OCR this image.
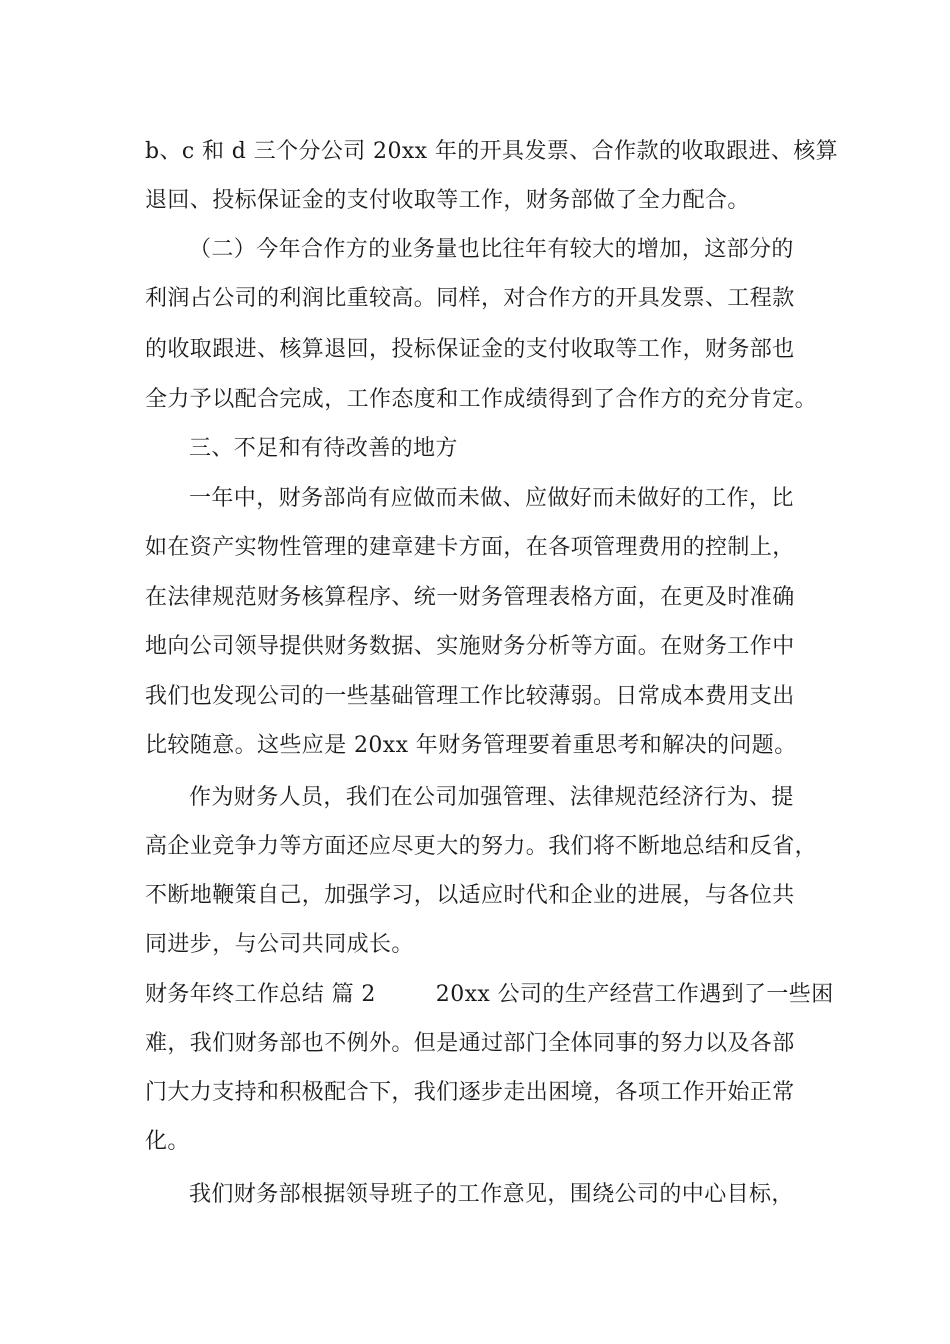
b、c 和 d 三个分公司 20xx 年的开具发票、合作款的收取跟进、核算
退回、投标保证金的支付收取等工作，财务部做了全力配合。
（二）今年合作方的业务量也比往年有较大的增加，这部分的
利润占公司的利润比重较高。同样，对合作方的开具发票、工程款
的收取跟进、核算退回，投标保证金的支付收取等工作，财务部也
全力予以配合完成，工作态度和工作成绩得到了合作方的充分肯定。
三、不足和有待改善的地方
一年中，财务部尚有应做而未做、应做好而未做好的工作，比
如在资产实物性管理的建章建卡方面，在各项管理费用的控制上，
在法律规范财务核算程序、统一财务管理表格方面，在更及时准确
地向公司领导提供财务数据、实施财务分析等方面。在财务工作中
我们也发现公司的一些基础管理工作比较薄弱。日常成本费用支出
比较随意。这些应是 20xx 年财务管理要着重思考和解决的问题。
作为财务人员，我们在公司加强管理、法律规范经济行为、提
高企业竞争力等方面还应尽更大的努力。我们将不断地总结和反省，
不断地鞭策自己，加强学习，以适应时代和企业的进展，与各位共
同进步，与公司共同成长。
财务年终工作总结 篇 2	20xx 公司的生产经营工作遇到了一些困
难，我们财务部也不例外。但是通过部门全体同事的努力以及各部
门大力支持和积极配合下，我们逐步走出困境，各项工作开始正常
化。
我们财务部根据领导班子的工作意见，围绕公司的中心目标，
